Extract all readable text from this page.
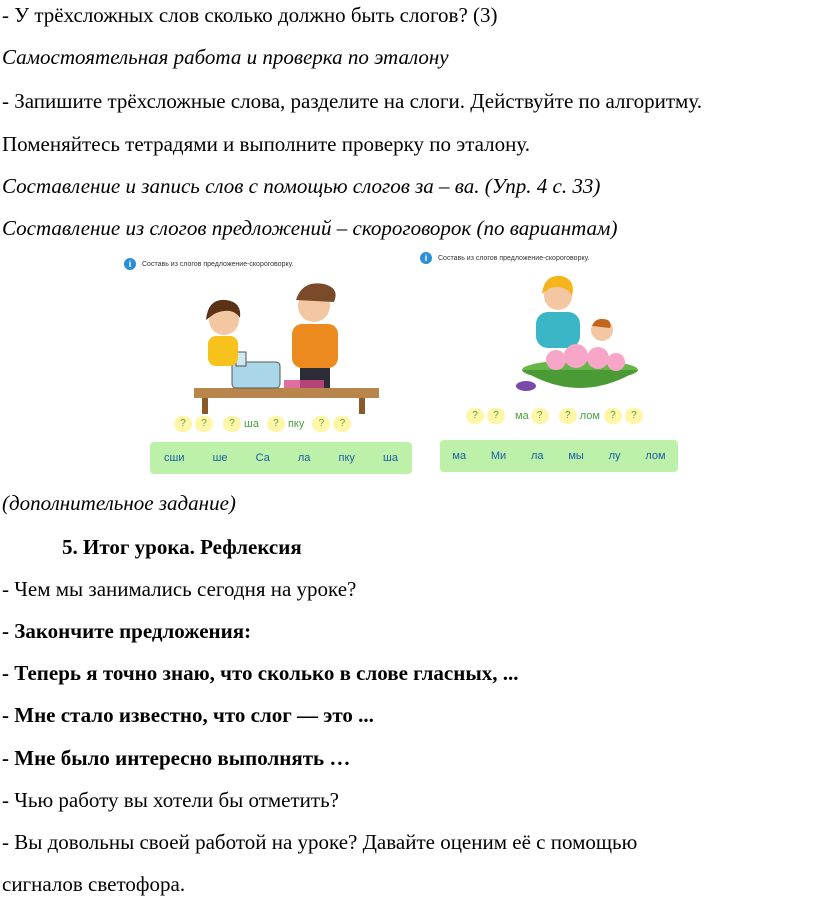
- У трёхсложных слов сколько должно быть слогов? (3)
Самостоятельная работа и проверка по эталону
- Запишите трёхсложные слова, разделите на слоги. Действуйте по алгоритму.
Поменяйтесь тетрадями и выполните проверку по эталону.
Составление и запись слов с помощью слогов за – ва. (Упр. 4 с. 33)
Составление из слогов предложений – скороговорок (по вариантам)
i	Составь из слогов предложение-скороговорку.
?	?	? ша	? пку	?	?
сши	ше	Са	ла	пку	ша
i	Составь из слогов предложение-скороговорку.
?	?	ма ?	? лом	?	?
ма Ми ла мы лу лом
(дополнительное задание)
5. Итог урока. Рефлексия
- Чем мы занимались сегодня на уроке?
- Закончите предложения:
- Теперь я точно знаю, что сколько в слове гласных, ...
- Мне стало известно, что слог — это ...
- Мне было интересно выполнять …
- Чью работу вы хотели бы отметить?
- Вы довольны своей работой на уроке? Давайте оценим её с помощью
сигналов светофора.
